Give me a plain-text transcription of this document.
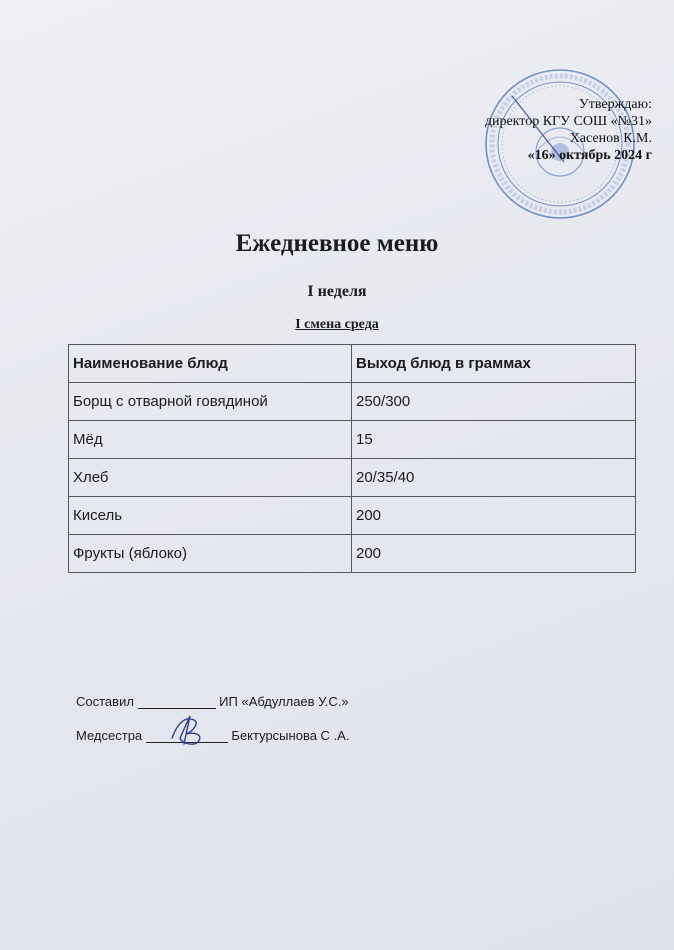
Утверждаю:
директор КГУ СОШ «№31»
Хасенов К.М.
«16» октябрь 2024 г
Ежедневное меню
I неделя
I смена среда
Наименование блюд	Выход блюд в граммах
Борщ с отварной говядиной	250/300
Мёд	15
Хлеб	20/35/40
Кисель	200
Фрукты (яблоко)	200
Составил	ИП «Абдуллаев У.С.»
Медсестра	Бектурсынова С .А.
